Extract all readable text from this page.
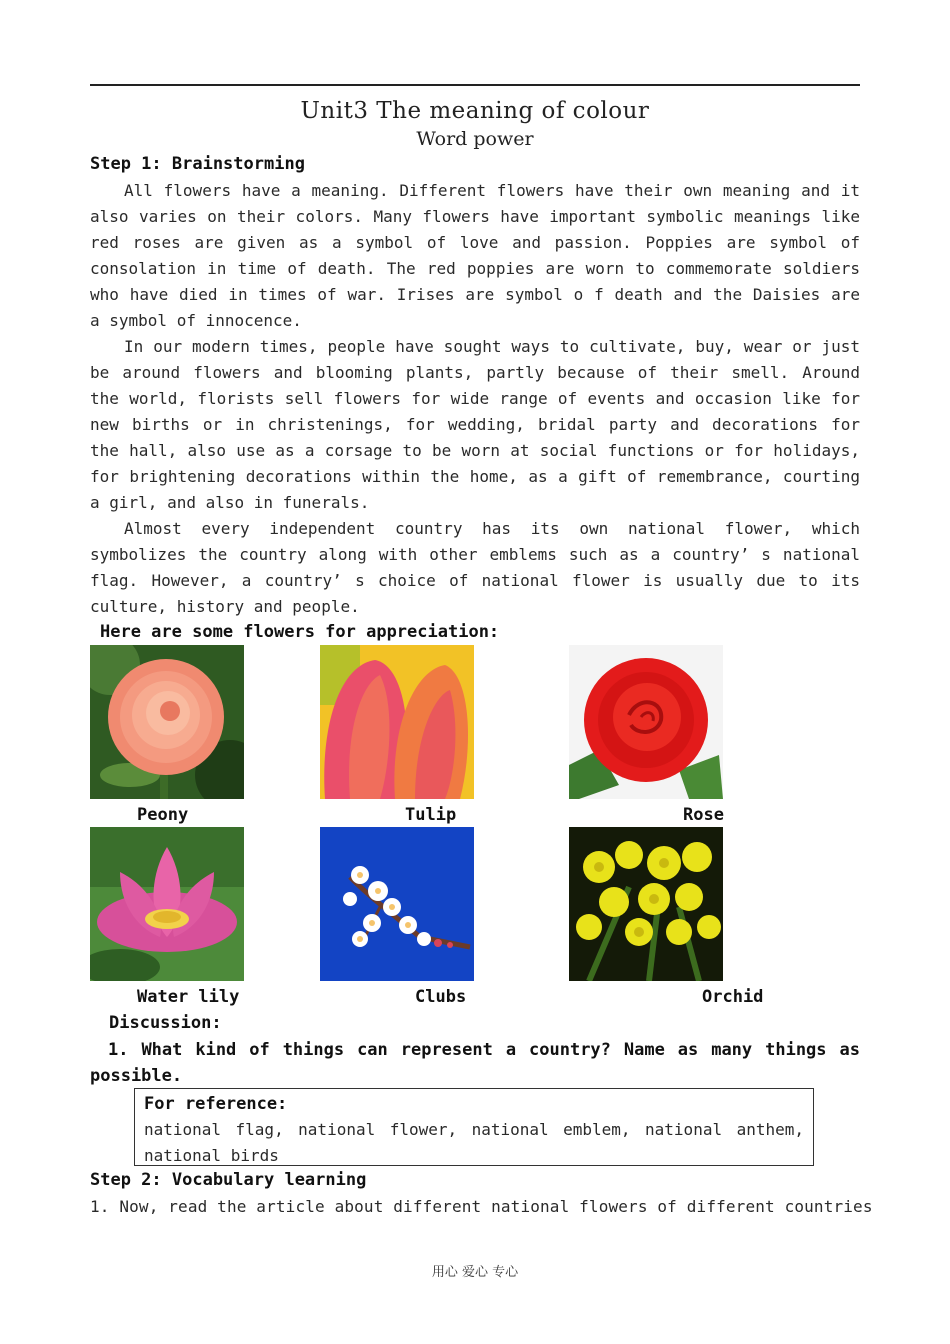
Unit3 The meaning of colour
Word power
Step 1: Brainstorming

All flowers have a meaning. Different flowers have their own meaning and it also varies on their colors. Many flowers have important symbolic meanings like red roses are given as a symbol of love and passion. Poppies are symbol of consolation in time of death. The red poppies are worn to commemorate soldiers who have died in times of war. Irises are symbol o f death and the Daisies are a symbol of innocence.

In our modern times, people have sought ways to cultivate, buy, wear or just be around flowers and blooming plants, partly because of their smell. Around the world, florists sell flowers for wide range of events and occasion like for new births or in christenings, for wedding, bridal party and decorations for the hall, also use as a corsage to be worn at social functions or for holidays, for brightening decorations within the home, as a gift of remembrance, courting a girl, and also in funerals.

Almost every independent country has its own national flower, which symbolizes the country along with other emblems such as a country’ s national flag. However, a country’ s choice of national flower is usually due to its culture, history and people.

Here are some flowers for appreciation:
Peony	Tulip	Rose
Water lily	Clubs	Orchid
Discussion:
1. What kind of things can represent a country? Name as many things as
possible.
For reference:
national flag, national flower, national emblem, national anthem, national birds
Step 2: Vocabulary learning
1. Now, read the article about different national flowers of different countries
用心 爱心 专心
